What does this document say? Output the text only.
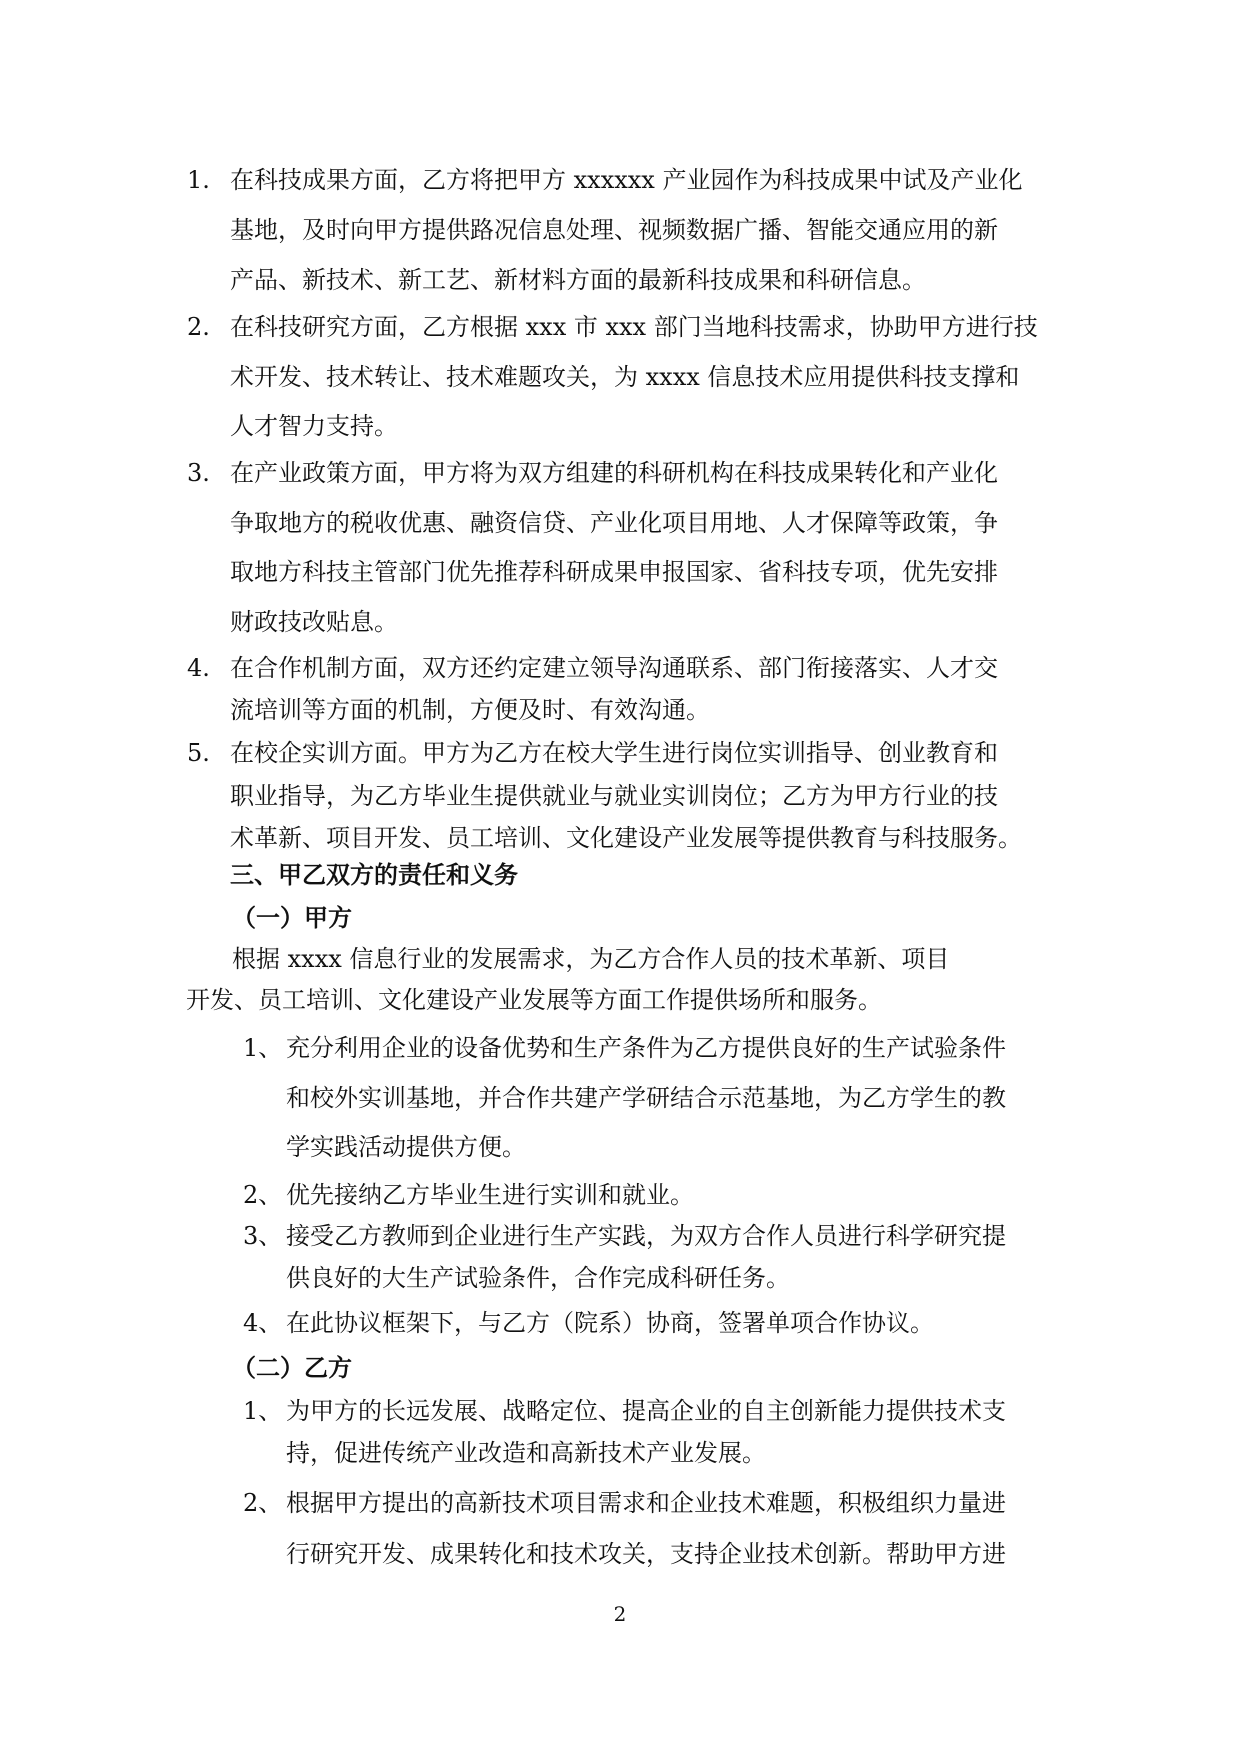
1. 在科技成果方面，乙方将把甲方 xxxxxx 产业园作为科技成果中试及产业化
基地，及时向甲方提供路况信息处理、视频数据广播、智能交通应用的新
产品、新技术、新工艺、新材料方面的最新科技成果和科研信息。
2. 在科技研究方面，乙方根据 xxx 市 xxx 部门当地科技需求，协助甲方进行技
术开发、技术转让、技术难题攻关，为 xxxx 信息技术应用提供科技支撑和
人才智力支持。
3. 在产业政策方面，甲方将为双方组建的科研机构在科技成果转化和产业化
争取地方的税收优惠、融资信贷、产业化项目用地、人才保障等政策，争
取地方科技主管部门优先推荐科研成果申报国家、省科技专项，优先安排
财政技改贴息。
4. 在合作机制方面，双方还约定建立领导沟通联系、部门衔接落实、人才交
流培训等方面的机制，方便及时、有效沟通。
5. 在校企实训方面。甲方为乙方在校大学生进行岗位实训指导、创业教育和
职业指导，为乙方毕业生提供就业与就业实训岗位；乙方为甲方行业的技
术革新、项目开发、员工培训、文化建设产业发展等提供教育与科技服务。
三、甲乙双方的责任和义务
（一）甲方
根据 xxxx 信息行业的发展需求，为乙方合作人员的技术革新、项目
开发、员工培训、文化建设产业发展等方面工作提供场所和服务。
1、 充分利用企业的设备优势和生产条件为乙方提供良好的生产试验条件
和校外实训基地，并合作共建产学研结合示范基地，为乙方学生的教
学实践活动提供方便。
2、 优先接纳乙方毕业生进行实训和就业。
3、 接受乙方教师到企业进行生产实践，为双方合作人员进行科学研究提
供良好的大生产试验条件，合作完成科研任务。
4、 在此协议框架下，与乙方（院系）协商，签署单项合作协议。
（二）乙方
1、 为甲方的长远发展、战略定位、提高企业的自主创新能力提供技术支
持，促进传统产业改造和高新技术产业发展。
2、 根据甲方提出的高新技术项目需求和企业技术难题，积极组织力量进
行研究开发、成果转化和技术攻关，支持企业技术创新。帮助甲方进
2
